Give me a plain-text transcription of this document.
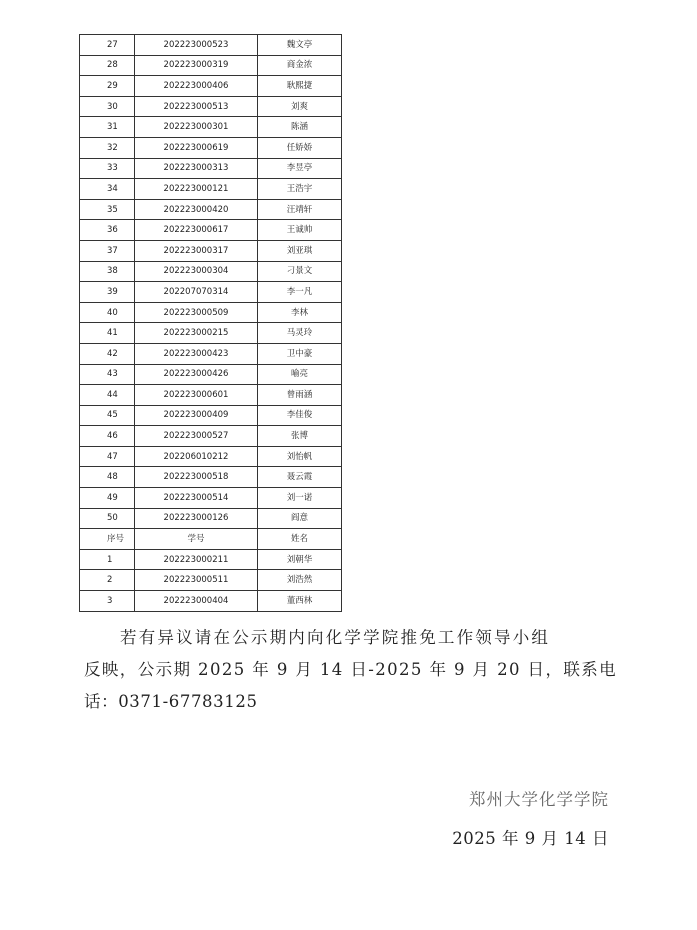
27	202223000523	魏文亭
28	202223000319	商金浓
29	202223000406	耿熙捷
30	202223000513	刘爽
31	202223000301	陈涵
32	202223000619	任娇娇
33	202223000313	李昱亭
34	202223000121	王浩宇
35	202223000420	汪靖轩
36	202223000617	王诚帅
37	202223000317	刘亚琪
38	202223000304	刁景文
39	202207070314	李一凡
40	202223000509	李林
41	202223000215	马灵玲
42	202223000423	卫中豪
43	202223000426	喻亮
44	202223000601	曾雨涵
45	202223000409	李佳俊
46	202223000527	张博
47	202206010212	刘怡帆
48	202223000518	聂云霞
49	202223000514	刘一诺
50	202223000126	阎意
序号	学号	姓名
1	202223000211	刘朝华
2	202223000511	刘浩然
3	202223000404	董西林
若有异议请在公示期内向化学学院推免工作领导小组
反映，公示期 2025 年 9 月 14 日-2025 年 9 月 20 日，联系电
话：0371-67783125
郑州大学化学学院
2025 年 9 月 14 日
